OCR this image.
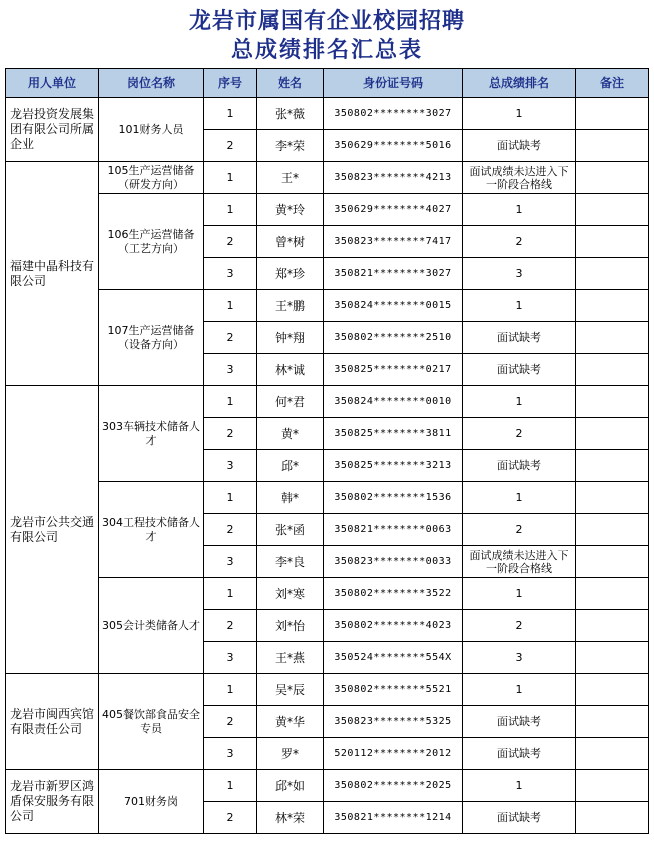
龙岩市属国有企业校园招聘
总成绩排名汇总表
用人单位	岗位名称	序号	姓名	身份证号码	总成绩排名	备注
龙岩投资发展集团有限公司所属企业	101财务人员	1	张*薇	350802********3027	1	
		2	李*荣	350629********5016	面试缺考	
福建中晶科技有限公司	105生产运营储备（研发方向）	1	王*	350823********4213	面试成绩未达进入下一阶段合格线	
	106生产运营储备（工艺方向）	1	黄*玲	350629********4027	1	
		2	曾*树	350823********7417	2	
		3	郑*珍	350821********3027	3	
	107生产运营储备（设备方向）	1	王*鹏	350824********0015	1	
		2	钟*翔	350802********2510	面试缺考	
		3	林*诚	350825********0217	面试缺考	
龙岩市公共交通有限公司	303车辆技术储备人才	1	何*君	350824********0010	1	
		2	黄*	350825********3811	2	
		3	邱*	350825********3213	面试缺考	
	304工程技术储备人才	1	韩*	350802********1536	1	
		2	张*函	350821********0063	2	
		3	李*良	350823********0033	面试成绩未达进入下一阶段合格线	
	305会计类储备人才	1	刘*寒	350802********3522	1	
		2	刘*怡	350802********4023	2	
		3	王*燕	350524********554X	3	
龙岩市闽西宾馆有限责任公司	405餐饮部食品安全专员	1	吴*辰	350802********5521	1	
		2	黄*华	350823********5325	面试缺考	
		3	罗*	520112********2012	面试缺考	
龙岩市新罗区鸿盾保安服务有限公司	701财务岗	1	邱*如	350802********2025	1	
		2	林*荣	350821********1214	面试缺考	
